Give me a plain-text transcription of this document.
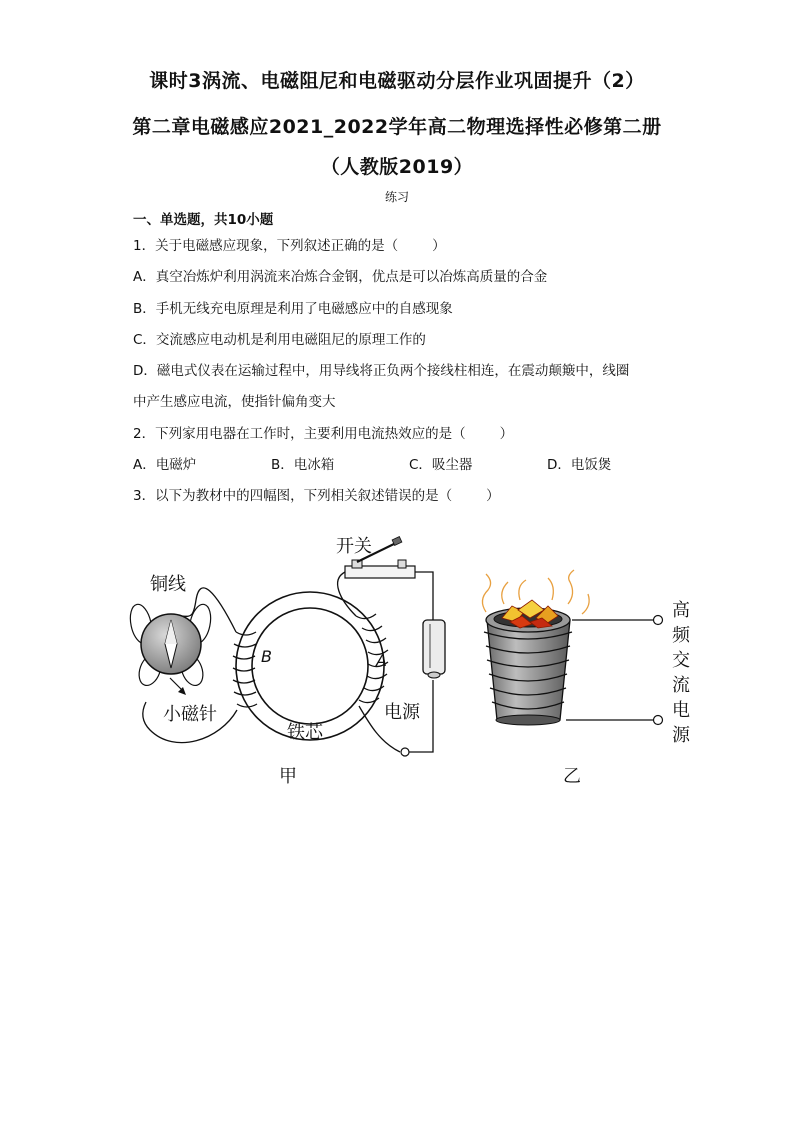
课时3涡流、电磁阻尼和电磁驱动分层作业巩固提升（2）
第二章电磁感应2021_2022学年高二物理选择性必修第二册
（人教版2019）
练习
一、单选题，共10小题
1．关于电磁感应现象，下列叙述正确的是（	）
A．真空冶炼炉利用涡流来冶炼合金钢，优点是可以冶炼高质量的合金
B．手机无线充电原理是利用了电磁感应中的自感现象
C．交流感应电动机是利用电磁阻尼的原理工作的
D．磁电式仪表在运输过程中，用导线将正负两个接线柱相连，在震动颠簸中，线圈
中产生感应电流，使指针偏角变大
2．下列家用电器在工作时，主要利用电流热效应的是（	）
A．电磁炉	B．电冰箱	C．吸尘器	D．电饭煲
3．以下为教材中的四幅图，下列相关叙述错误的是（	）
开关
B	A
铜线
小磁针	电源
铁芯
甲
高
频
交
流
电
源
乙
